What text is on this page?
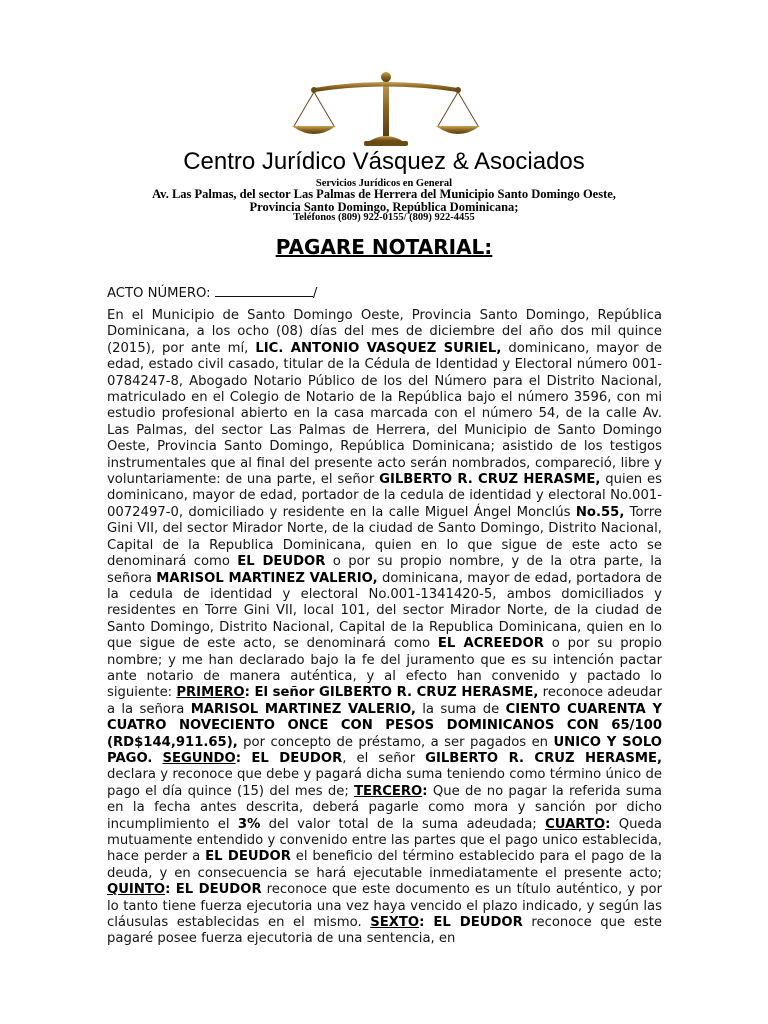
Centro Jurídico Vásquez & Asociados
Servicios Jurídicos en General
Av. Las Palmas, del sector Las Palmas de Herrera del Municipio Santo Domingo Oeste,
Provincia Santo Domingo, República Dominicana;
Teléfonos (809) 922-0155/ (809) 922-4455
PAGARE NOTARIAL:
ACTO NÚMERO:	/
En el Municipio de Santo Domingo Oeste, Provincia Santo Domingo, República Dominicana, a los ocho (08) días del mes de diciembre del año dos mil quince (2015), por ante mí, LIC. ANTONIO VASQUEZ SURIEL, dominicano, mayor de edad, estado civil casado, titular de la Cédula de Identidad y Electoral número 001-0784247-8, Abogado Notario Público de los del Número para el Distrito Nacional, matriculado en el Colegio de Notario de la República bajo el número 3596, con mi estudio profesional abierto en la casa marcada con el número 54, de la calle Av. Las Palmas, del sector Las Palmas de Herrera, del Municipio de Santo Domingo Oeste, Provincia Santo Domingo, República Dominicana; asistido de los testigos instrumentales que al final del presente acto serán nombrados, compareció, libre y voluntariamente: de una parte, el señor GILBERTO R. CRUZ HERASME, quien es dominicano, mayor de edad, portador de la cedula de identidad y electoral No.001-0072497-0, domiciliado y residente en la calle Miguel Ángel Monclús No.55, Torre Gini VII, del sector Mirador Norte, de la ciudad de Santo Domingo, Distrito Nacional, Capital de la Republica Dominicana, quien en lo que sigue de este acto se denominará como EL DEUDOR o por su propio nombre, y de la otra parte, la señora MARISOL MARTINEZ VALERIO, dominicana, mayor de edad, portadora de la cedula de identidad y electoral No.001-1341420-5, ambos domiciliados y residentes en Torre Gini VII, local 101, del sector Mirador Norte, de la ciudad de Santo Domingo, Distrito Nacional, Capital de la Republica Dominicana, quien en lo que sigue de este acto, se denominará como EL ACREEDOR o por su propio nombre; y me han declarado bajo la fe del juramento que es su intención pactar ante notario de manera auténtica, y al efecto han convenido y pactado lo siguiente: PRIMERO: El señor GILBERTO R. CRUZ HERASME, reconoce adeudar a la señora MARISOL MARTINEZ VALERIO, la suma de CIENTO CUARENTA Y CUATRO NOVECIENTO ONCE CON PESOS DOMINICANOS CON 65/100 (RD$144,911.65), por concepto de préstamo, a ser pagados en UNICO Y SOLO PAGO. SEGUNDO: EL DEUDOR, el señor GILBERTO R. CRUZ HERASME, declara y reconoce que debe y pagará dicha suma teniendo como término único de pago el día quince (15) del mes de; TERCERO: Que de no pagar la referida suma en la fecha antes descrita, deberá pagarle como mora y sanción por dicho incumplimiento el 3% del valor total de la suma adeudada; CUARTO: Queda mutuamente entendido y convenido entre las partes que el pago unico establecida, hace perder a EL DEUDOR el beneficio del término establecido para el pago de la deuda, y en consecuencia se hará ejecutable inmediatamente el presente acto; QUINTO: EL DEUDOR reconoce que este documento es un título auténtico, y por lo tanto tiene fuerza ejecutoria una vez haya vencido el plazo indicado, y según las cláusulas establecidas en el mismo. SEXTO: EL DEUDOR reconoce que este pagaré posee fuerza ejecutoria de una sentencia, en
